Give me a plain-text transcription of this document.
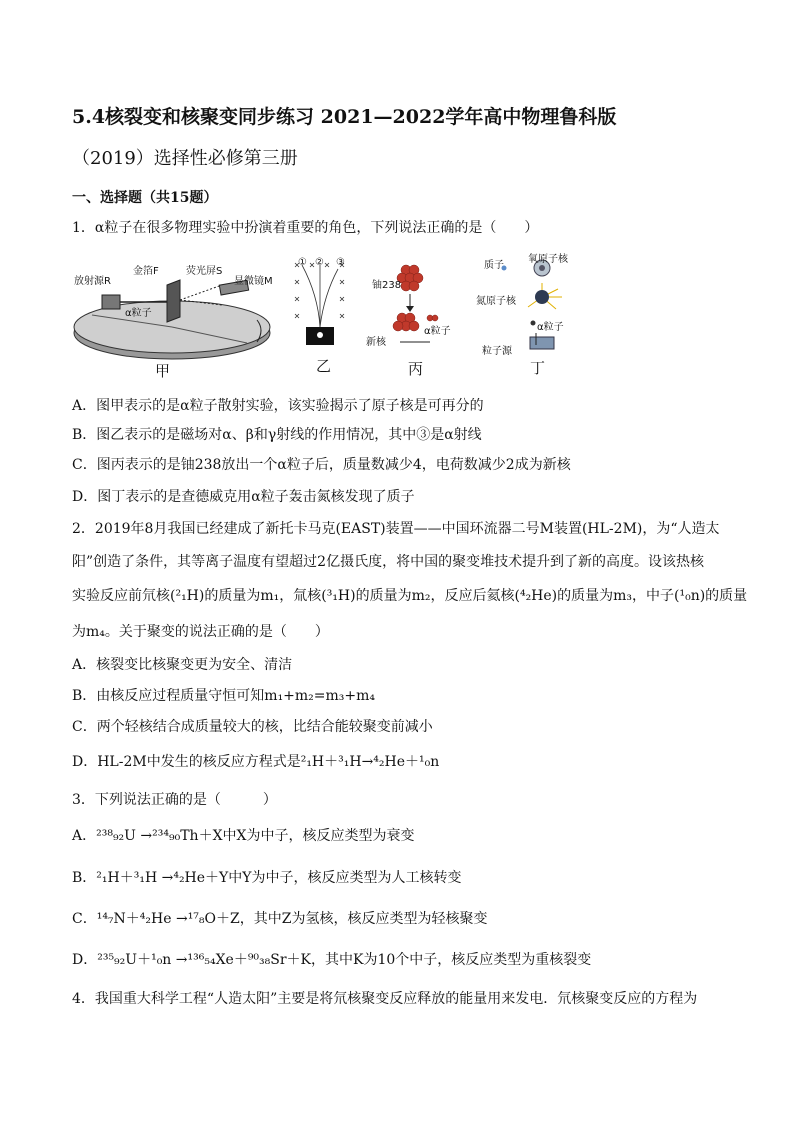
5.4核裂变和核聚变同步练习 2021—2022学年高中物理鲁科版
（2019）选择性必修第三册
一、选择题（共15题）
1．α粒子在很多物理实验中扮演着重要的角色，下列说法正确的是（　　）
放射源R
金箔F	荧光屏S
显微镜M
α粒子
甲
① ② ③
乙
铀238
新核
α粒子
丙
质子
氧原子核
氮原子核
α粒子
粒子源
丁
A．图甲表示的是α粒子散射实验，该实验揭示了原子核是可再分的
B．图乙表示的是磁场对α、β和γ射线的作用情况，其中③是α射线
C．图丙表示的是铀238放出一个α粒子后，质量数减少4，电荷数减少2成为新核
D．图丁表示的是查德威克用α粒子轰击氮核发现了质子
2．2019年8月我国已经建成了新托卡马克(EAST)装置——中国环流器二号M装置(HL-2M)，为“人造太
阳”创造了条件，其等离子温度有望超过2亿摄氏度，将中国的聚变堆技术提升到了新的高度。设该热核
实验反应前氘核(²₁H)的质量为m₁，氚核(³₁H)的质量为m₂，反应后氦核(⁴₂He)的质量为m₃，中子(¹₀n)的质量
为m₄。关于聚变的说法正确的是（　　）
A．核裂变比核聚变更为安全、清洁
B．由核反应过程质量守恒可知m₁+m₂=m₃+m₄
C．两个轻核结合成质量较大的核，比结合能较聚变前减小
D．HL-2M中发生的核反应方程式是²₁H＋³₁H→⁴₂He＋¹₀n
3．下列说法正确的是（　　　）
A．²³⁸₉₂U →²³⁴₉₀Th＋X中X为中子，核反应类型为衰变
B．²₁H＋³₁H →⁴₂He＋Y中Y为中子，核反应类型为人工核转变
C．¹⁴₇N＋⁴₂He →¹⁷₈O＋Z，其中Z为氢核，核反应类型为轻核聚变
D．²³⁵₉₂U＋¹₀n →¹³⁶₅₄Xe＋⁹⁰₃₈Sr＋K，其中K为10个中子，核反应类型为重核裂变
4．我国重大科学工程“人造太阳”主要是将氘核聚变反应释放的能量用来发电．氘核聚变反应的方程为
